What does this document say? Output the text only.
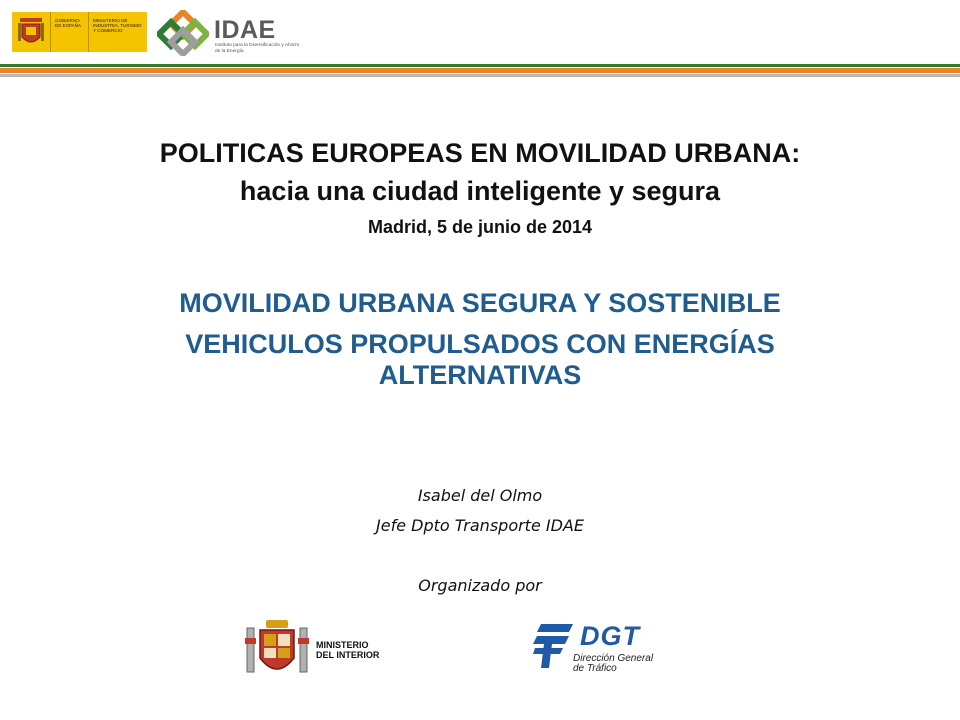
GOBIERNO DE ESPAÑA
MINISTERIO DE INDUSTRIA, TURISMO Y COMERCIO	IDAE
Instituto para la Diversificación y Ahorro de la Energía
POLITICAS EUROPEAS EN MOVILIDAD URBANA:
hacia una ciudad inteligente y segura
Madrid, 5 de junio de 2014
MOVILIDAD URBANA SEGURA Y SOSTENIBLE
VEHICULOS PROPULSADOS CON ENERGÍAS ALTERNATIVAS
Isabel del Olmo
Jefe Dpto Transporte IDAE
Organizado por
MINISTERIO
DEL INTERIOR
DGT
Dirección General
de Tráfico
